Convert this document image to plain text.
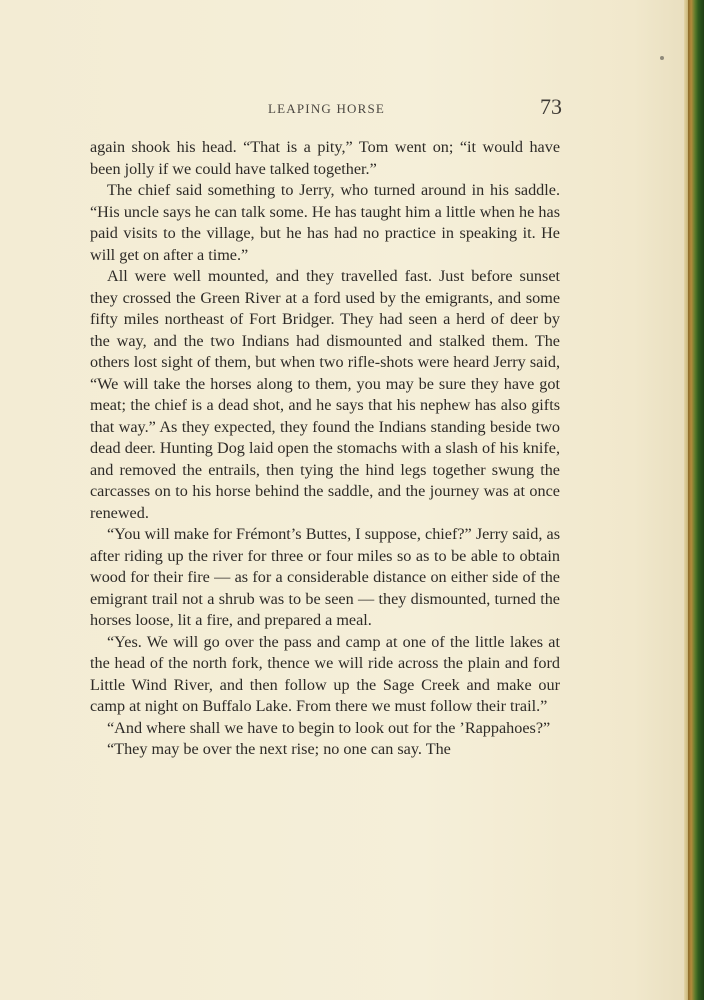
LEAPING HORSE	73

again shook his head. “That is a pity,” Tom went on; “it would have been jolly if we could have talked together.”

The chief said something to Jerry, who turned around in his saddle. “His uncle says he can talk some. He has taught him a little when he has paid visits to the village, but he has had no practice in speaking it. He will get on after a time.”

All were well mounted, and they travelled fast. Just before sunset they crossed the Green River at a ford used by the emigrants, and some fifty miles northeast of Fort Bridger. They had seen a herd of deer by the way, and the two Indians had dismounted and stalked them. The others lost sight of them, but when two rifle-shots were heard Jerry said, “We will take the horses along to them, you may be sure they have got meat; the chief is a dead shot, and he says that his nephew has also gifts that way.” As they expected, they found the Indians standing beside two dead deer. Hunting Dog laid open the stomachs with a slash of his knife, and removed the entrails, then tying the hind legs together swung the carcasses on to his horse behind the saddle, and the journey was at once renewed.

“You will make for Frémont’s Buttes, I suppose, chief?” Jerry said, as after riding up the river for three or four miles so as to be able to obtain wood for their fire — as for a considerable distance on either side of the emigrant trail not a shrub was to be seen — they dismounted, turned the horses loose, lit a fire, and prepared a meal.

“Yes. We will go over the pass and camp at one of the little lakes at the head of the north fork, thence we will ride across the plain and ford Little Wind River, and then follow up the Sage Creek and make our camp at night on Buffalo Lake. From there we must follow their trail.”

“And where shall we have to begin to look out for the ’Rappahoes?”

“They may be over the next rise; no one can say. The
